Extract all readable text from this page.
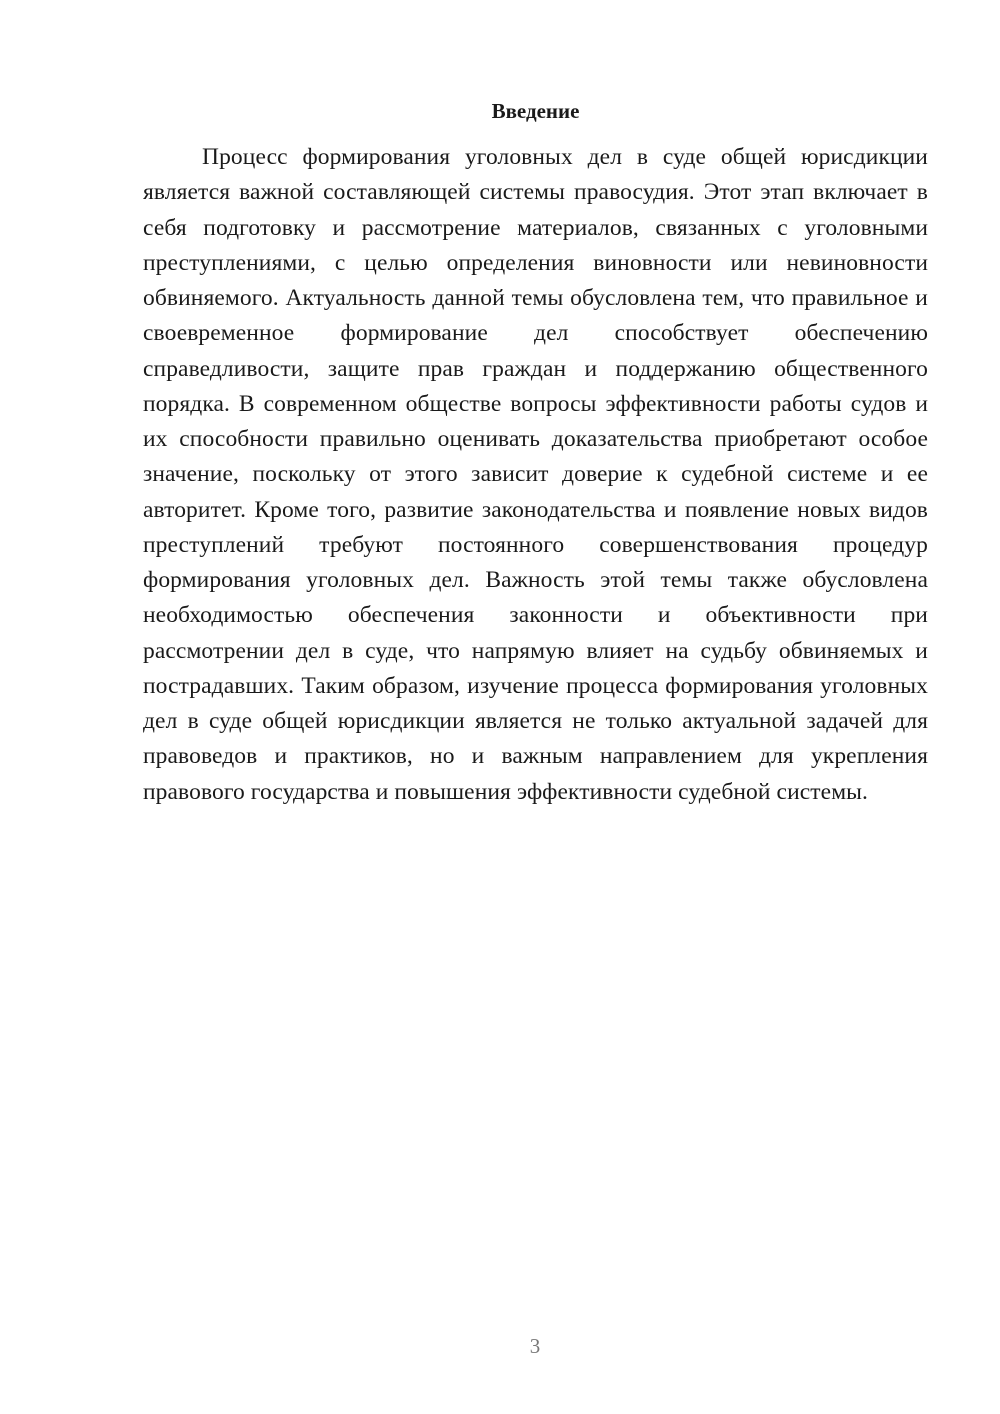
Введение

Процесс формирования уголовных дел в суде общей юрисдикции является важной составляющей системы правосудия. Этот этап включает в себя подготовку и рассмотрение материалов, связанных с уголовными преступлениями, с целью определения виновности или невиновности обвиняемого. Актуальность данной темы обусловлена тем, что правильное и своевременное формирование дел способствует обеспечению справедливости, защите прав граждан и поддержанию общественного порядка. В современном обществе вопросы эффективности работы судов и их способности правильно оценивать доказательства приобретают особое значение, поскольку от этого зависит доверие к судебной системе и ее авторитет. Кроме того, развитие законодательства и появление новых видов преступлений требуют постоянного совершенствования процедур формирования уголовных дел. Важность этой темы также обусловлена необходимостью обеспечения законности и объективности при рассмотрении дел в суде, что напрямую влияет на судьбу обвиняемых и пострадавших. Таким образом, изучение процесса формирования уголовных дел в суде общей юрисдикции является не только актуальной задачей для правоведов и практиков, но и важным направлением для укрепления правового государства и повышения эффективности судебной системы.

3
